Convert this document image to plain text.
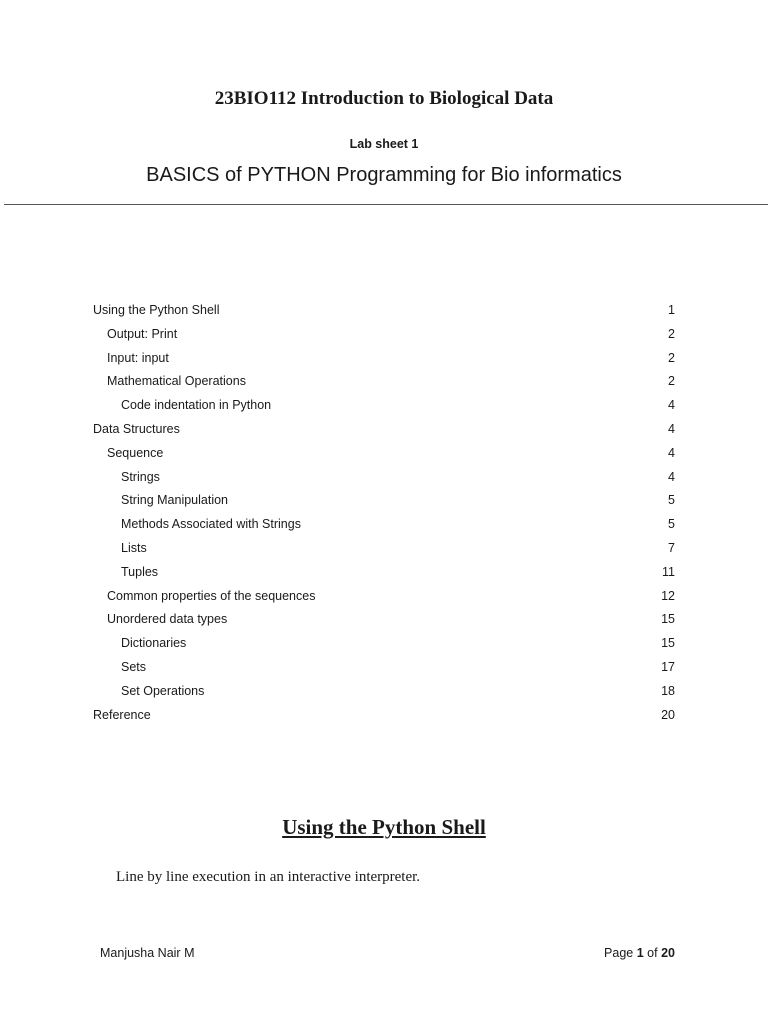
23BIO112 Introduction to Biological Data
Lab sheet 1
BASICS of PYTHON Programming for Bio informatics
Using the Python Shell	1
Output: Print	2
Input: input	2
Mathematical Operations	2
Code indentation in Python	4
Data Structures	4
Sequence	4
Strings	4
String Manipulation	5
Methods Associated with Strings	5
Lists	7
Tuples	11
Common properties of the sequences	12
Unordered data types	15
Dictionaries	15
Sets	17
Set Operations	18
Reference	20
Using the Python Shell

Line by line execution in an interactive interpreter.

Manjusha Nair M	Page 1 of 20
